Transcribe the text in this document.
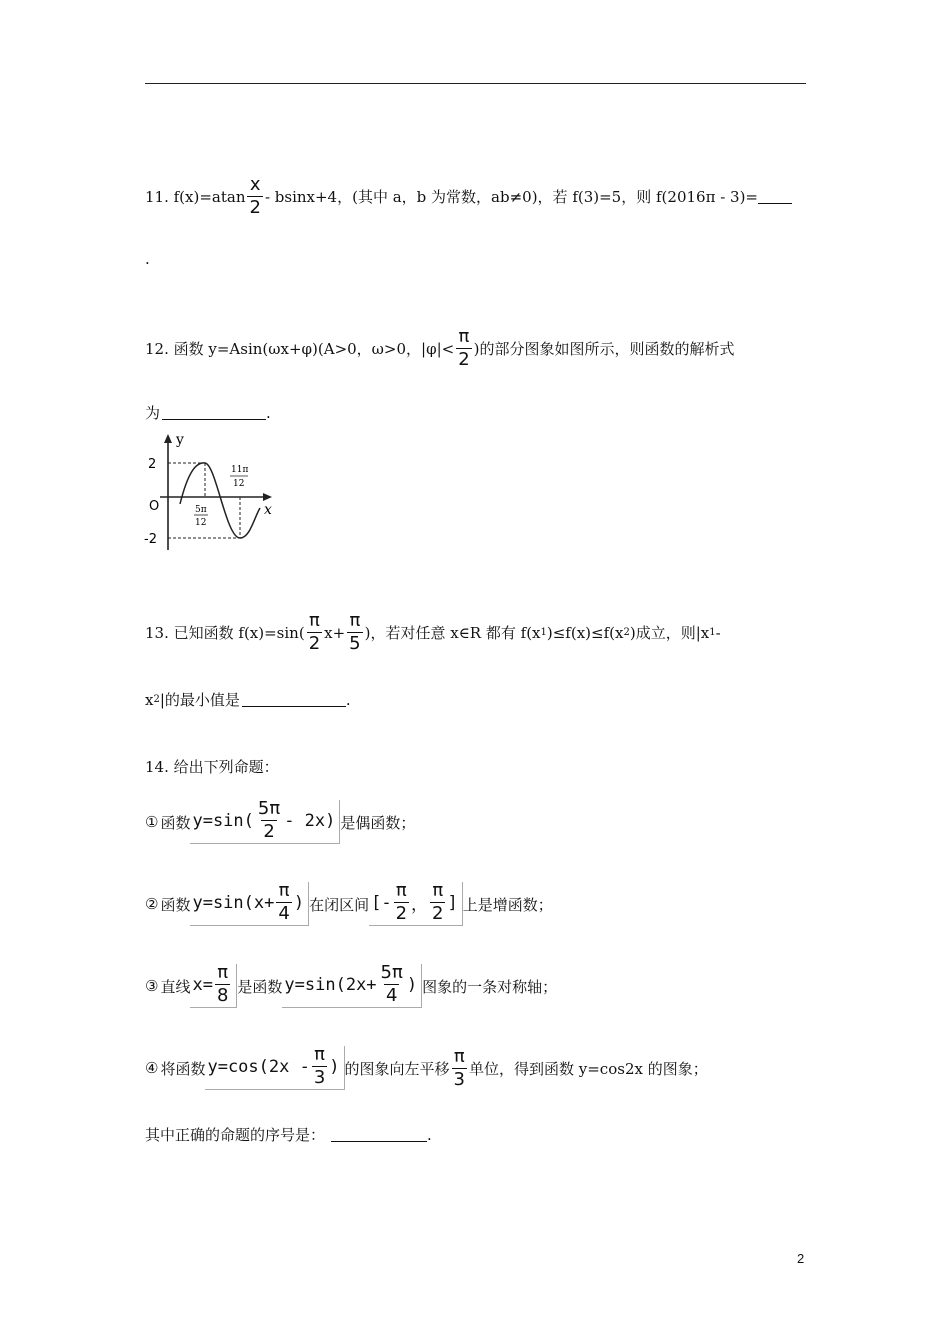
11. $f(x)=atan \frac{x}{2} - bsinx+4$，(其中 a，b 为常数，ab≠0)，若 f(3)=5，则 f(2016π - 3)=
.
12. 函数 y=Asin(ωx+φ)(A>0，ω>0，$|\varphi|< \frac{\pi}{2}$ )的部分图象如图所示，则函数的解析式
为	.
y
x
O
2
-2
5π
12
11π
12
13. 已知函数 $f(x)=\sin( \frac{\pi}{2} x+ \frac{\pi}{5}$ )，若对任意 x∈R 都有 f(x 1 )≤f(x)≤f(x 2 )成立，则|x 1 -
x 2 |的最小值是	.
14. 给出下列命题：
① 函数 $y=\sin( \frac{5\pi}{2} - 2x)$ 是偶函数；
② 函数 $y=\sin(x+ \frac{\pi}{4}$ ) 在闭区间 [- $\frac{\pi}{2}$ ， $\frac{\pi}{2}$ ] 上是增函数；
③ 直线 $x= \frac{\pi}{8}$ 是函数 $y=\sin(2x+ \frac{5\pi}{4}$ ) 图象的一条对称轴；
④ 将函数 $y=\cos(2x - \frac{\pi}{3}$ ) 的图象向左平移 $\frac{\pi}{3}$ 单位，得到函数 y=cos2x 的图象；
其中正确的命题的序号是：	.
2
